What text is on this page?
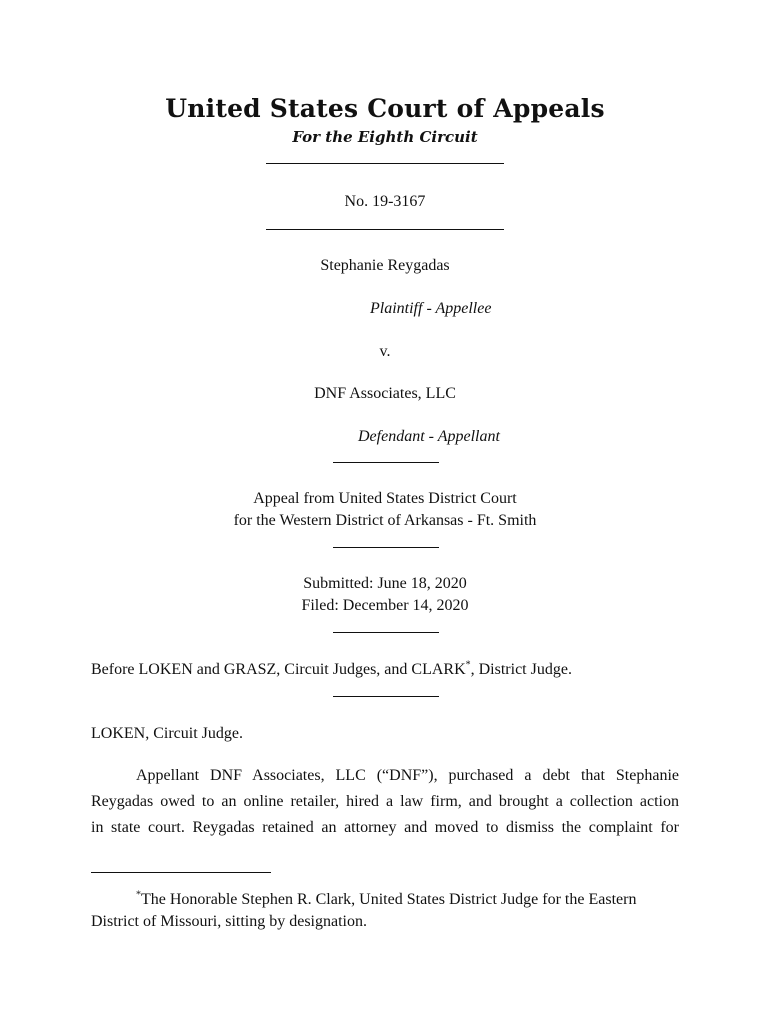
United States Court of Appeals
For the Eighth Circuit
No. 19-3167
Stephanie Reygadas
Plaintiff - Appellee
v.
DNF Associates, LLC
Defendant - Appellant
Appeal from United States District Court
for the Western District of Arkansas - Ft. Smith
Submitted: June 18, 2020
Filed: December 14, 2020
Before LOKEN and GRASZ, Circuit Judges, and CLARK*, District Judge.
LOKEN, Circuit Judge.
Appellant DNF Associates, LLC (“DNF”), purchased a debt that Stephanie
Reygadas owed to an online retailer, hired a law firm, and brought a collection action
in state court. Reygadas retained an attorney and moved to dismiss the complaint for
*The Honorable Stephen R. Clark, United States District Judge for the Eastern District of Missouri, sitting by designation.
